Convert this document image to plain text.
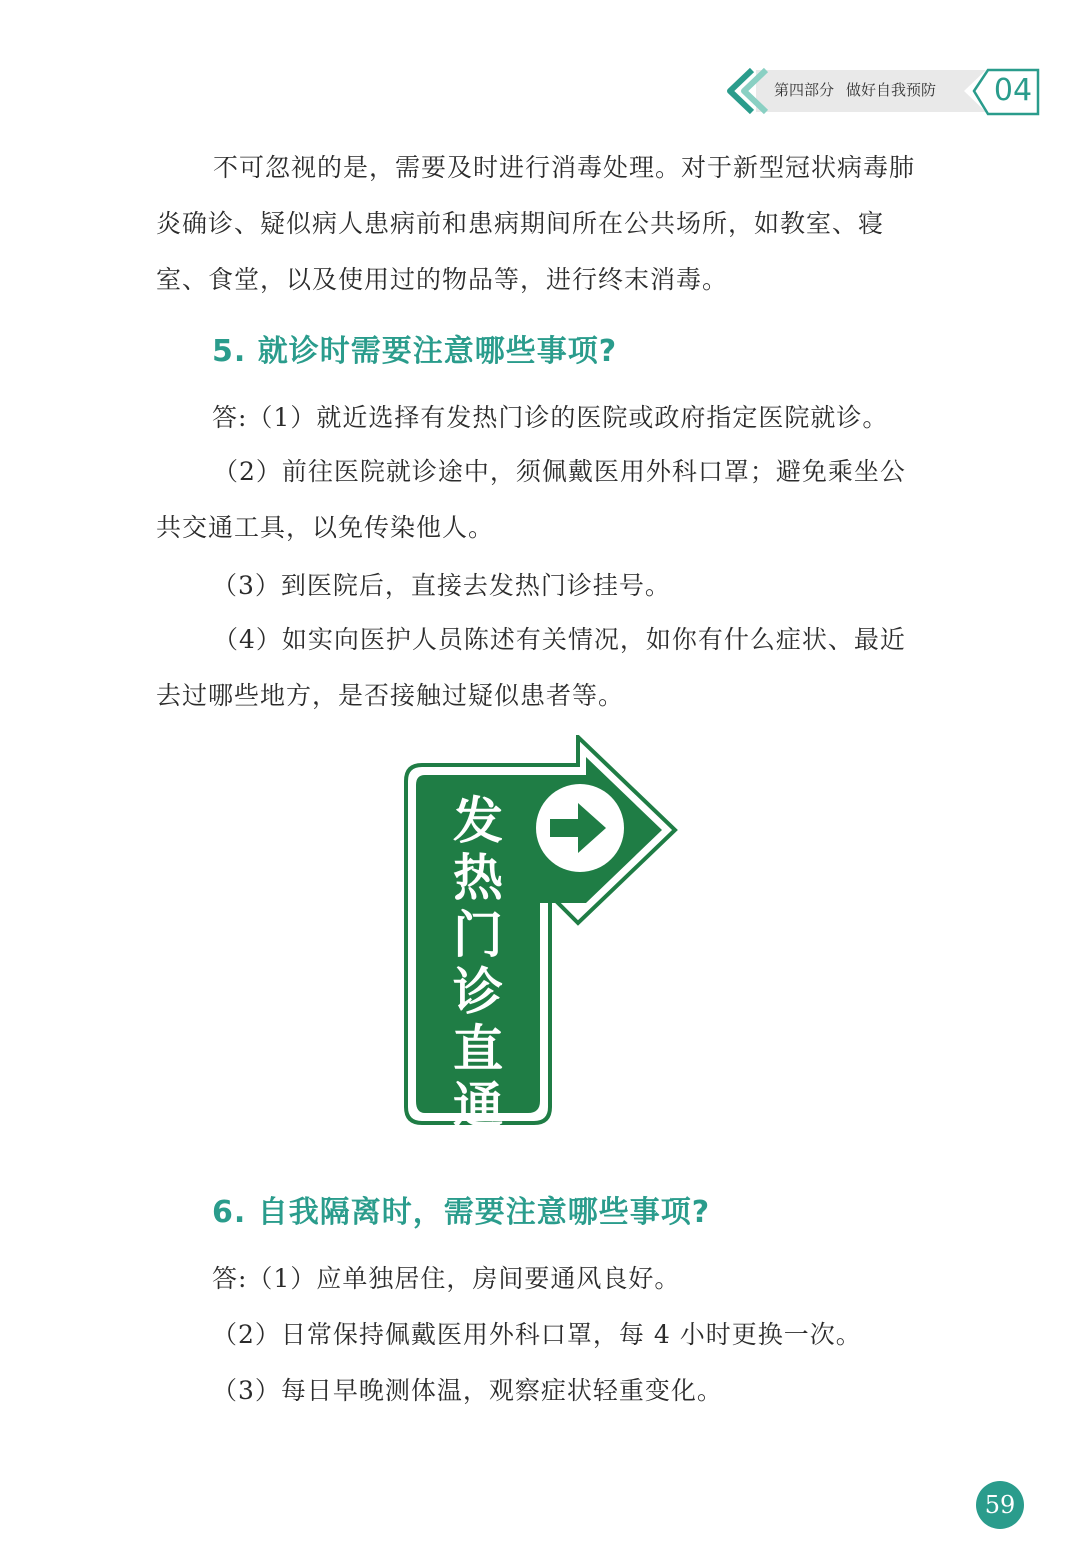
第四部分 做好自我预防	04

不可忽视的是，需要及时进行消毒处理。对于新型冠状病毒肺炎确诊、疑似病人患病前和患病期间所在公共场所，如教室、寝室、食堂，以及使用过的物品等，进行终末消毒。

5. 就诊时需要注意哪些事项?
答:（1）就近选择有发热门诊的医院或政府指定医院就诊。

（2）前往医院就诊途中，须佩戴医用外科口罩；避免乘坐公共交通工具，以免传染他人。

（3）到医院后，直接去发热门诊挂号。

（4）如实向医护人员陈述有关情况，如你有什么症状、最近去过哪些地方，是否接触过疑似患者等。

发
热
门
诊
直
通
6. 自我隔离时，需要注意哪些事项?
答:（1）应单独居住，房间要通风良好。
（2）日常保持佩戴医用外科口罩，每 4 小时更换一次。
（3）每日早晚测体温，观察症状轻重变化。
59
